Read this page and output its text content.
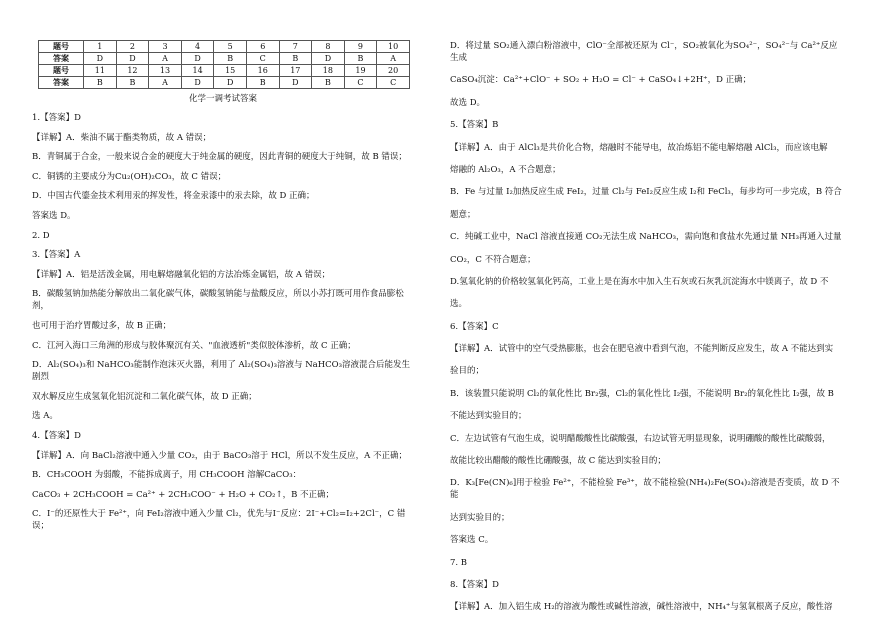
题号	1	2	3	4	5	6	7	8	9	10
答案	D	D	A	D	B	C	B	D	B	A
题号	11	12	13	14	15	16	17	18	19	20
答案	B	B	A	D	D	B	D	B	C	C

化学一调考试答案

1.【答案】D

【详解】A．柴油不属于酯类物质，故 A 错误；

B．青铜属于合金，一般来说合金的硬度大于纯金属的硬度，因此青铜的硬度大于纯铜，故 B 错误；

C．铜锈的主要成分为Cu₂(OH)₂CO₃，故 C 错误；

D．中国古代鎏金技术利用汞的挥发性，将金汞漆中的汞去除，故 D 正确；

答案选 D。

2. D

3.【答案】A

【详解】A．铝是活泼金属，用电解熔融氧化铝的方法冶炼金属铝，故 A 错误；

B．碳酸氢钠加热能分解放出二氧化碳气体，碳酸氢钠能与盐酸反应，所以小苏打既可用作食品膨松剂，

也可用于治疗胃酸过多，故 B 正确；

C．江河入海口三角洲的形成与胶体聚沉有关、"血液透析"类似胶体渗析，故 C 正确；

D．Al₂(SO₄)₃和 NaHCO₃能制作泡沫灭火器，利用了 Al₂(SO₄)₃溶液与 NaHCO₃溶液混合后能发生剧烈

双水解反应生成氢氧化铝沉淀和二氧化碳气体，故 D 正确；

选 A。

4.【答案】D

【详解】A．向 BaCl₂溶液中通入少量 CO₂，由于 BaCO₃溶于 HCl，所以不发生反应，A 不正确；

B．CH₃COOH 为弱酸，不能拆成离子，用 CH₃COOH 溶解CaCO₃：

CaCO₃ + 2CH₃COOH = Ca²⁺ + 2CH₃COO⁻ + H₂O + CO₂↑，B 不正确；

C．I⁻的还原性大于 Fe²⁺，向 FeI₂溶液中通入少量 Cl₂，优先与I⁻反应：2I⁻+Cl₂=I₂+2Cl⁻，C 错误；

D．将过量 SO₂通入漂白粉溶液中，ClO⁻全部被还原为 Cl⁻，SO₂被氧化为SO₄²⁻，SO₄²⁻与 Ca²⁺反应生成

CaSO₄沉淀：Ca²⁺+ClO⁻ + SO₂ + H₂O = Cl⁻ + CaSO₄↓+2H⁺，D 正确；

故选 D。

5.【答案】B

【详解】A．由于 AlCl₃是共价化合物，熔融时不能导电，故冶炼铝不能电解熔融 AlCl₃，而应该电解

熔融的 Al₂O₃，A 不合题意；

B．Fe 与过量 I₂加热反应生成 FeI₂，过量 Cl₂与 FeI₂反应生成 I₂和 FeCl₃，每步均可一步完成，B 符合

题意；

C．纯碱工业中，NaCl 溶液直接通 CO₂无法生成 NaHCO₃，需向饱和食盐水先通过量 NH₃再通入过量

CO₂，C 不符合题意；

D.氢氧化钠的价格较氢氧化钙高，工业上是在海水中加入生石灰或石灰乳沉淀海水中镁离子，故 D 不

选。

6.【答案】C

【详解】A．试管中的空气受热膨胀，也会在肥皂液中看到气泡，不能判断反应发生，故 A 不能达到实

验目的；

B．该装置只能说明 Cl₂的氧化性比 Br₂强，Cl₂的氧化性比 I₂强，不能说明 Br₂的氧化性比 I₂强，故 B

不能达到实验目的；

C．左边试管有气泡生成，说明醋酸酸性比碳酸强，右边试管无明显现象，说明硼酸的酸性比碳酸弱，

故能比较出醋酸的酸性比硼酸强，故 C 能达到实验目的；

D．K₃[Fe(CN)₆]用于检验 Fe²⁺，不能检验 Fe³⁺，故不能检验(NH₄)₂Fe(SO₄)₂溶液是否变质，故 D 不能

达到实验目的；

答案选 C。

7. B

8.【答案】D

【详解】A．加入铝生成 H₂的溶液为酸性或碱性溶液，碱性溶液中，NH₄⁺与氢氧根离子反应，酸性溶
